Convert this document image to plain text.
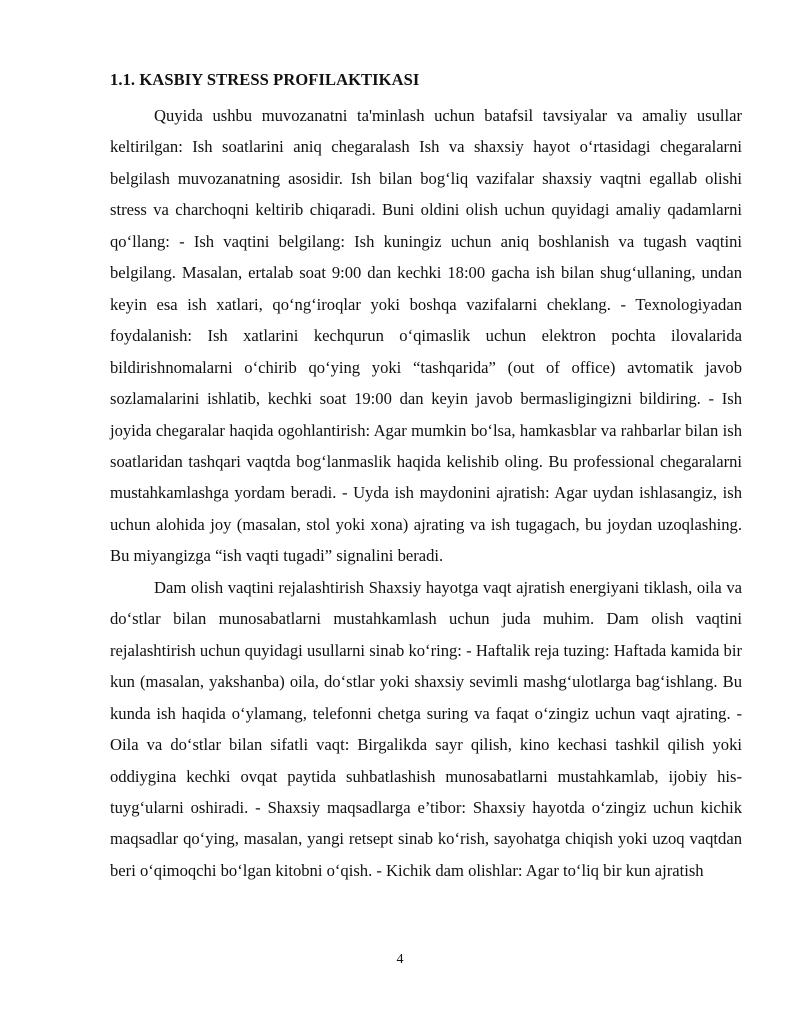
1.1. KASBIY STRESS PROFILAKTIKASI

Quyida ushbu muvozanatni ta'minlash uchun batafsil tavsiyalar va amaliy usullar keltirilgan: Ish soatlarini aniq chegaralash Ish va shaxsiy hayot o‘rtasidagi chegaralarni belgilash muvozanatning asosidir. Ish bilan bog‘liq vazifalar shaxsiy vaqtni egallab olishi stress va charchoqni keltirib chiqaradi. Buni oldini olish uchun quyidagi amaliy qadamlarni qo‘llang: - Ish vaqtini belgilang: Ish kuningiz uchun aniq boshlanish va tugash vaqtini belgilang. Masalan, ertalab soat 9:00 dan kechki 18:00 gacha ish bilan shug‘ullaning, undan keyin esa ish xatlari, qo‘ng‘iroqlar yoki boshqa vazifalarni cheklang. - Texnologiyadan foydalanish: Ish xatlarini kechqurun o‘qimaslik uchun elektron pochta ilovalarida bildirishnomalarni o‘chirib qo‘ying yoki “tashqarida” (out of office) avtomatik javob sozlamalarini ishlatib, kechki soat 19:00 dan keyin javob bermasligingizni bildiring. - Ish joyida chegaralar haqida ogohlantirish: Agar mumkin bo‘lsa, hamkasblar va rahbarlar bilan ish soatlaridan tashqari vaqtda bog‘lanmaslik haqida kelishib oling. Bu professional chegaralarni mustahkamlashga yordam beradi. - Uyda ish maydonini ajratish: Agar uydan ishlasangiz, ish uchun alohida joy (masalan, stol yoki xona) ajrating va ish tugagach, bu joydan uzoqlashing. Bu miyangizga “ish vaqti tugadi” signalini beradi.

Dam olish vaqtini rejalashtirish Shaxsiy hayotga vaqt ajratish energiyani tiklash, oila va do‘stlar bilan munosabatlarni mustahkamlash uchun juda muhim. Dam olish vaqtini rejalashtirish uchun quyidagi usullarni sinab ko‘ring: - Haftalik reja tuzing: Haftada kamida bir kun (masalan, yakshanba) oila, do‘stlar yoki shaxsiy sevimli mashg‘ulotlarga bag‘ishlang. Bu kunda ish haqida o‘ylamang, telefonni chetga suring va faqat o‘zingiz uchun vaqt ajrating. - Oila va do‘stlar bilan sifatli vaqt: Birgalikda sayr qilish, kino kechasi tashkil qilish yoki oddiygina kechki ovqat paytida suhbatlashish munosabatlarni mustahkamlab, ijobiy his-tuyg‘ularni oshiradi. - Shaxsiy maqsadlarga e’tibor: Shaxsiy hayotda o‘zingiz uchun kichik maqsadlar qo‘ying, masalan, yangi retsept sinab ko‘rish, sayohatga chiqish yoki uzoq vaqtdan beri o‘qimoqchi bo‘lgan kitobni o‘qish. - Kichik dam olishlar: Agar to‘liq bir kun ajratish

4
